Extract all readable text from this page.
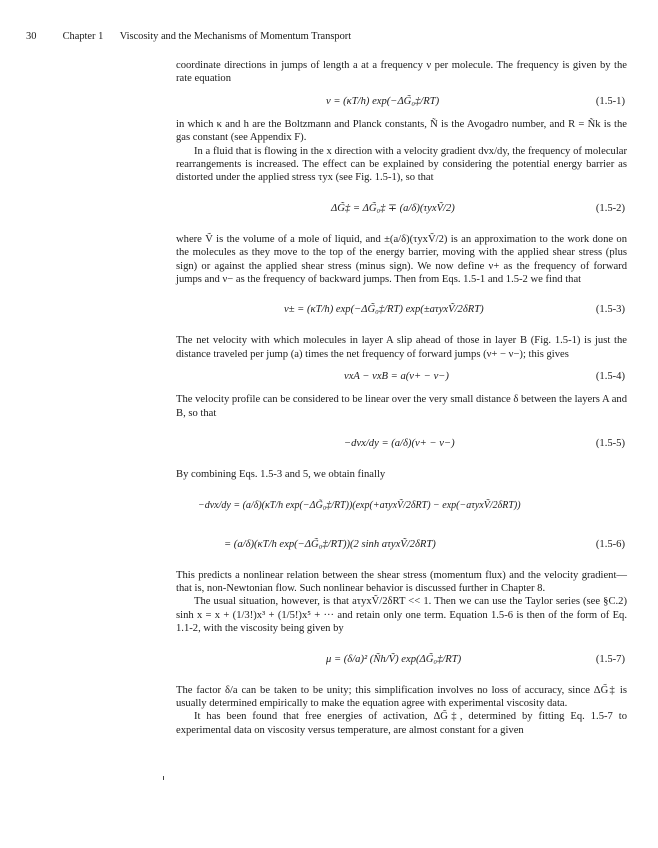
30	Chapter 1 Viscosity and the Mechanisms of Momentum Transport

coordinate directions in jumps of length a at a frequency ν per molecule. The frequency is given by the rate equation

ν = (κT/h) exp(−ΔG̃₀‡/RT)	(1.5-1)

in which κ and h are the Boltzmann and Planck constants, Ñ is the Avogadro number, and R = Ñk is the gas constant (see Appendix F).

In a fluid that is flowing in the x direction with a velocity gradient dvx/dy, the frequency of molecular rearrangements is increased. The effect can be explained by considering the potential energy barrier as distorted under the applied stress τyx (see Fig. 1.5-1), so that

ΔG̃‡ = ΔG̃₀‡ ∓ (a/δ)(τyxṼ/2)	(1.5-2)

where Ṽ is the volume of a mole of liquid, and ±(a/δ)(τyxṼ/2) is an approximation to the work done on the molecules as they move to the top of the energy barrier, moving with the applied shear stress (plus sign) or against the applied shear stress (minus sign). We now define ν+ as the frequency of forward jumps and ν− as the frequency of backward jumps. Then from Eqs. 1.5-1 and 1.5-2 we find that

ν± = (κT/h) exp(−ΔG̃₀‡/RT) exp(±aτyxṼ/2δRT)	(1.5-3)

The net velocity with which molecules in layer A slip ahead of those in layer B (Fig. 1.5-1) is just the distance traveled per jump (a) times the net frequency of forward jumps (ν+ − ν−); this gives

vxA − vxB = a(ν+ − ν−)	(1.5-4)

The velocity profile can be considered to be linear over the very small distance δ between the layers A and B, so that

−dvx/dy = (a/δ)(ν+ − ν−)	(1.5-5)

By combining Eqs. 1.5-3 and 5, we obtain finally

−dvx/dy = (a/δ)(κT/h exp(−ΔG̃₀‡/RT))(exp(+aτyxṼ/2δRT) − exp(−aτyxṼ/2δRT))
= (a/δ)(κT/h exp(−ΔG̃₀‡/RT))(2 sinh aτyxṼ/2δRT)	(1.5-6)

This predicts a nonlinear relation between the shear stress (momentum flux) and the velocity gradient—that is, non-Newtonian flow. Such nonlinear behavior is discussed further in Chapter 8.

The usual situation, however, is that aτyxṼ/2δRT << 1. Then we can use the Taylor series (see §C.2) sinh x = x + (1/3!)x³ + (1/5!)x⁵ + ··· and retain only one term. Equation 1.5-6 is then of the form of Eq. 1.1-2, with the viscosity being given by

μ = (δ/a)² (Ñh/Ṽ) exp(ΔG̃₀‡/RT)	(1.5-7)

The factor δ/a can be taken to be unity; this simplification involves no loss of accuracy, since ΔG̃‡ is usually determined empirically to make the equation agree with experimental viscosity data.

It has been found that free energies of activation, ΔG̃‡, determined by fitting Eq. 1.5-7 to experimental data on viscosity versus temperature, are almost constant for a given
